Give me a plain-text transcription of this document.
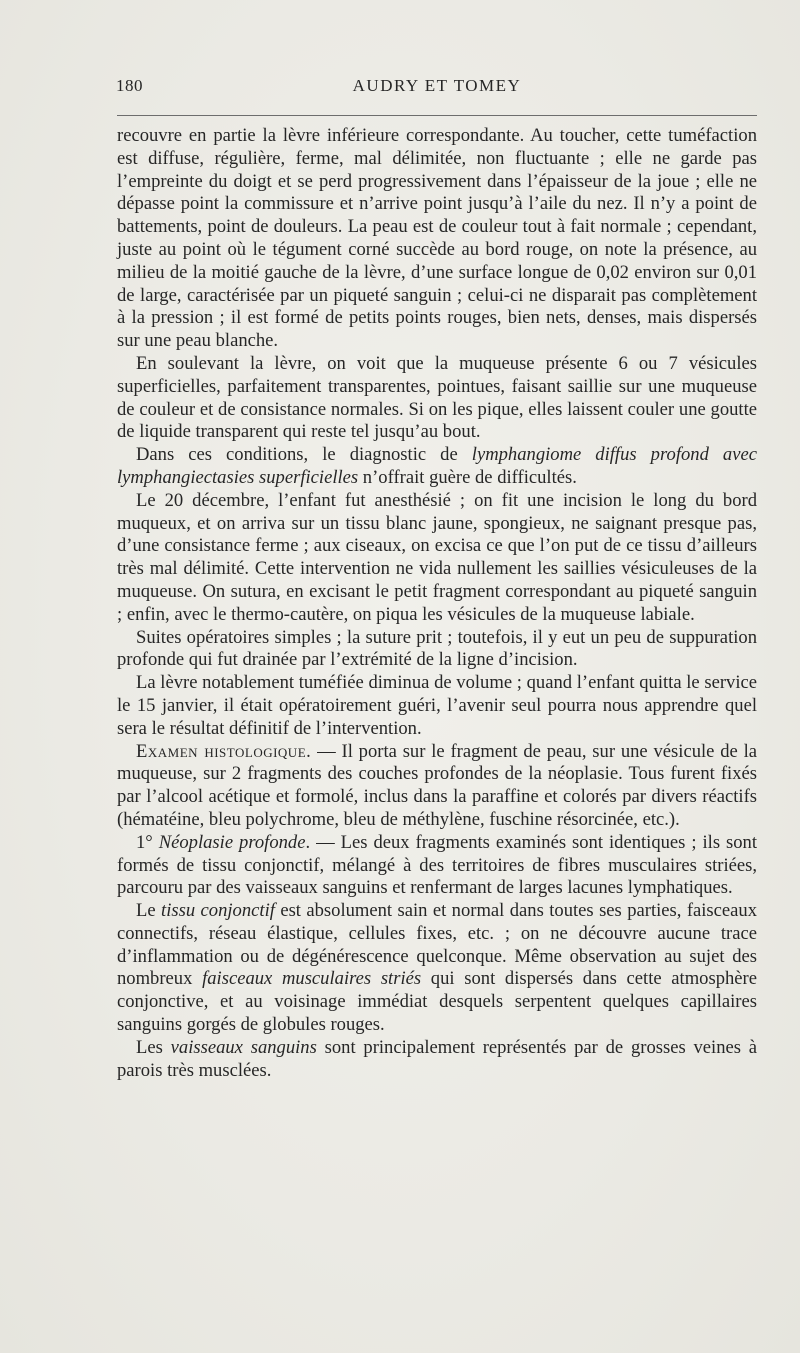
180	AUDRY ET TOMEY

recouvre en partie la lèvre inférieure correspondante. Au toucher, cette tuméfaction est diffuse, régulière, ferme, mal délimitée, non fluctuante ; elle ne garde pas l’empreinte du doigt et se perd progressivement dans l’épaisseur de la joue ; elle ne dépasse point la commissure et n’arrive point jusqu’à l’aile du nez. Il n’y a point de battements, point de douleurs. La peau est de couleur tout à fait normale ; cependant, juste au point où le tégument corné succède au bord rouge, on note la présence, au milieu de la moitié gauche de la lèvre, d’une surface longue de 0,02 environ sur 0,01 de large, caractérisée par un piqueté sanguin ; celui-ci ne disparait pas complètement à la pression ; il est formé de petits points rouges, bien nets, denses, mais dispersés sur une peau blanche.

En soulevant la lèvre, on voit que la muqueuse présente 6 ou 7 vésicules superficielles, parfaitement transparentes, pointues, faisant saillie sur une muqueuse de couleur et de consistance normales. Si on les pique, elles laissent couler une goutte de liquide transparent qui reste tel jusqu’au bout.

Dans ces conditions, le diagnostic de lymphangiome diffus profond avec lymphangiectasies superficielles n’offrait guère de difficultés.

Le 20 décembre, l’enfant fut anesthésié ; on fit une incision le long du bord muqueux, et on arriva sur un tissu blanc jaune, spongieux, ne saignant presque pas, d’une consistance ferme ; aux ciseaux, on excisa ce que l’on put de ce tissu d’ailleurs très mal délimité. Cette intervention ne vida nullement les saillies vésiculeuses de la muqueuse. On sutura, en excisant le petit fragment correspondant au piqueté sanguin ; enfin, avec le thermo-cautère, on piqua les vésicules de la muqueuse labiale.

Suites opératoires simples ; la suture prit ; toutefois, il y eut un peu de suppuration profonde qui fut drainée par l’extrémité de la ligne d’incision.

La lèvre notablement tuméfiée diminua de volume ; quand l’enfant quitta le service le 15 janvier, il était opératoirement guéri, l’avenir seul pourra nous apprendre quel sera le résultat définitif de l’intervention.

Examen histologique. — Il porta sur le fragment de peau, sur une vésicule de la muqueuse, sur 2 fragments des couches profondes de la néoplasie. Tous furent fixés par l’alcool acétique et formolé, inclus dans la paraffine et colorés par divers réactifs (hématéine, bleu polychrome, bleu de méthylène, fuschine résorcinée, etc.).

1° Néoplasie profonde. — Les deux fragments examinés sont identiques ; ils sont formés de tissu conjonctif, mélangé à des territoires de fibres musculaires striées, parcouru par des vaisseaux sanguins et renfermant de larges lacunes lymphatiques.

Le tissu conjonctif est absolument sain et normal dans toutes ses parties, faisceaux connectifs, réseau élastique, cellules fixes, etc. ; on ne découvre aucune trace d’inflammation ou de dégénérescence quelconque. Même observation au sujet des nombreux faisceaux musculaires striés qui sont dispersés dans cette atmosphère conjonctive, et au voisinage immédiat desquels serpentent quelques capillaires sanguins gorgés de globules rouges.

Les vaisseaux sanguins sont principalement représentés par de grosses veines à parois très musclées.
